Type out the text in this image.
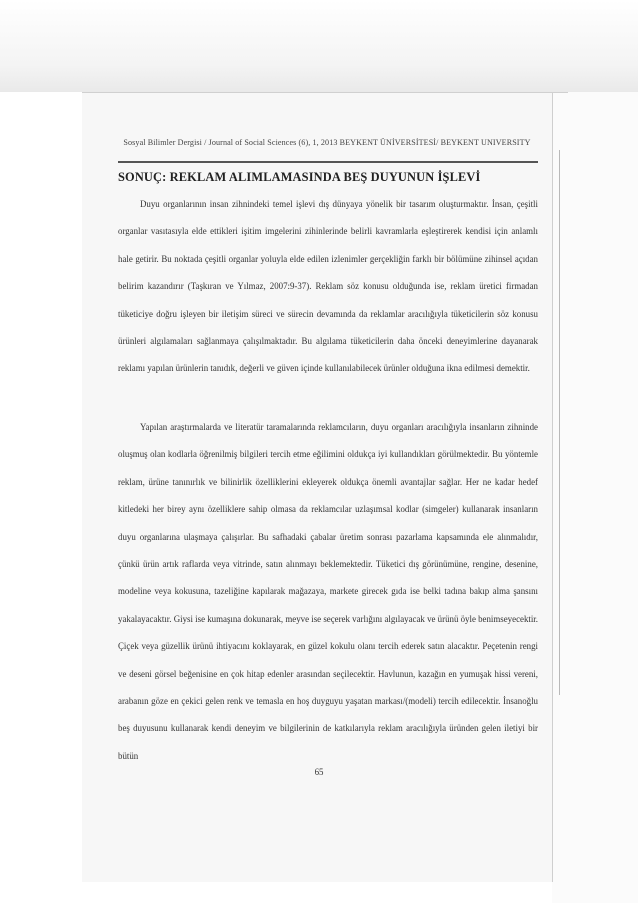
Sosyal Bilimler Dergisi / Journal of Social Sciences (6), 1, 2013 BEYKENT ÜNİVERSİTESİ/ BEYKENT UNIVERSITY
SONUÇ: REKLAM ALIMLAMASINDA BEŞ DUYUNUN İŞLEVİ

Duyu organlarının insan zihnindeki temel işlevi dış dünyaya yönelik bir tasarım oluşturmaktır. İnsan, çeşitli organlar vasıtasıyla elde ettikleri işitim imgelerini zihinlerinde belirli kavramlarla eşleştirerek kendisi için anlamlı hale getirir. Bu noktada çeşitli organlar yoluyla elde edilen izlenimler gerçekliğin farklı bir bölümüne zihinsel açıdan belirim kazandırır (Taşkıran ve Yılmaz, 2007:9-37). Reklam söz konusu olduğunda ise, reklam üretici firmadan tüketiciye doğru işleyen bir iletişim süreci ve sürecin devamında da reklamlar aracılığıyla tüketicilerin söz konusu ürünleri algılamaları sağlanmaya çalışılmaktadır. Bu algılama tüketicilerin daha önceki deneyimlerine dayanarak reklamı yapılan ürünlerin tanıdık, değerli ve güven içinde kullanılabilecek ürünler olduğuna ikna edilmesi demektir.

Yapılan araştırmalarda ve literatür taramalarında reklamcıların, duyu organları aracılığıyla insanların zihninde oluşmuş olan kodlarla öğrenilmiş bilgileri tercih etme eğilimini oldukça iyi kullandıkları görülmektedir. Bu yöntemle reklam, ürüne tanınırlık ve bilinirlik özelliklerini ekleyerek oldukça önemli avantajlar sağlar. Her ne kadar hedef kitledeki her birey aynı özelliklere sahip olmasa da reklamcılar uzlaşımsal kodlar (simgeler) kullanarak insanların duyu organlarına ulaşmaya çalışırlar. Bu safhadaki çabalar üretim sonrası pazarlama kapsamında ele alınmalıdır, çünkü ürün artık raflarda veya vitrinde, satın alınmayı beklemektedir. Tüketici dış görünümüne, rengine, desenine, modeline veya kokusuna, tazeliğine kapılarak mağazaya, markete girecek gıda ise belki tadına bakıp alma şansını yakalayacaktır. Giysi ise kumaşına dokunarak, meyve ise seçerek varlığını algılayacak ve ürünü öyle benimseyecektir. Çiçek veya güzellik ürünü ihtiyacını koklayarak, en güzel kokulu olanı tercih ederek satın alacaktır. Peçetenin rengi ve deseni görsel beğenisine en çok hitap edenler arasından seçilecektir. Havlunun, kazağın en yumuşak hissi vereni, arabanın göze en çekici gelen renk ve temasla en hoş duyguyu yaşatan markası/(modeli) tercih edilecektir. İnsanoğlu beş duyusunu kullanarak kendi deneyim ve bilgilerinin de katkılarıyla reklam aracılığıyla üründen gelen iletiyi bir bütün

65
